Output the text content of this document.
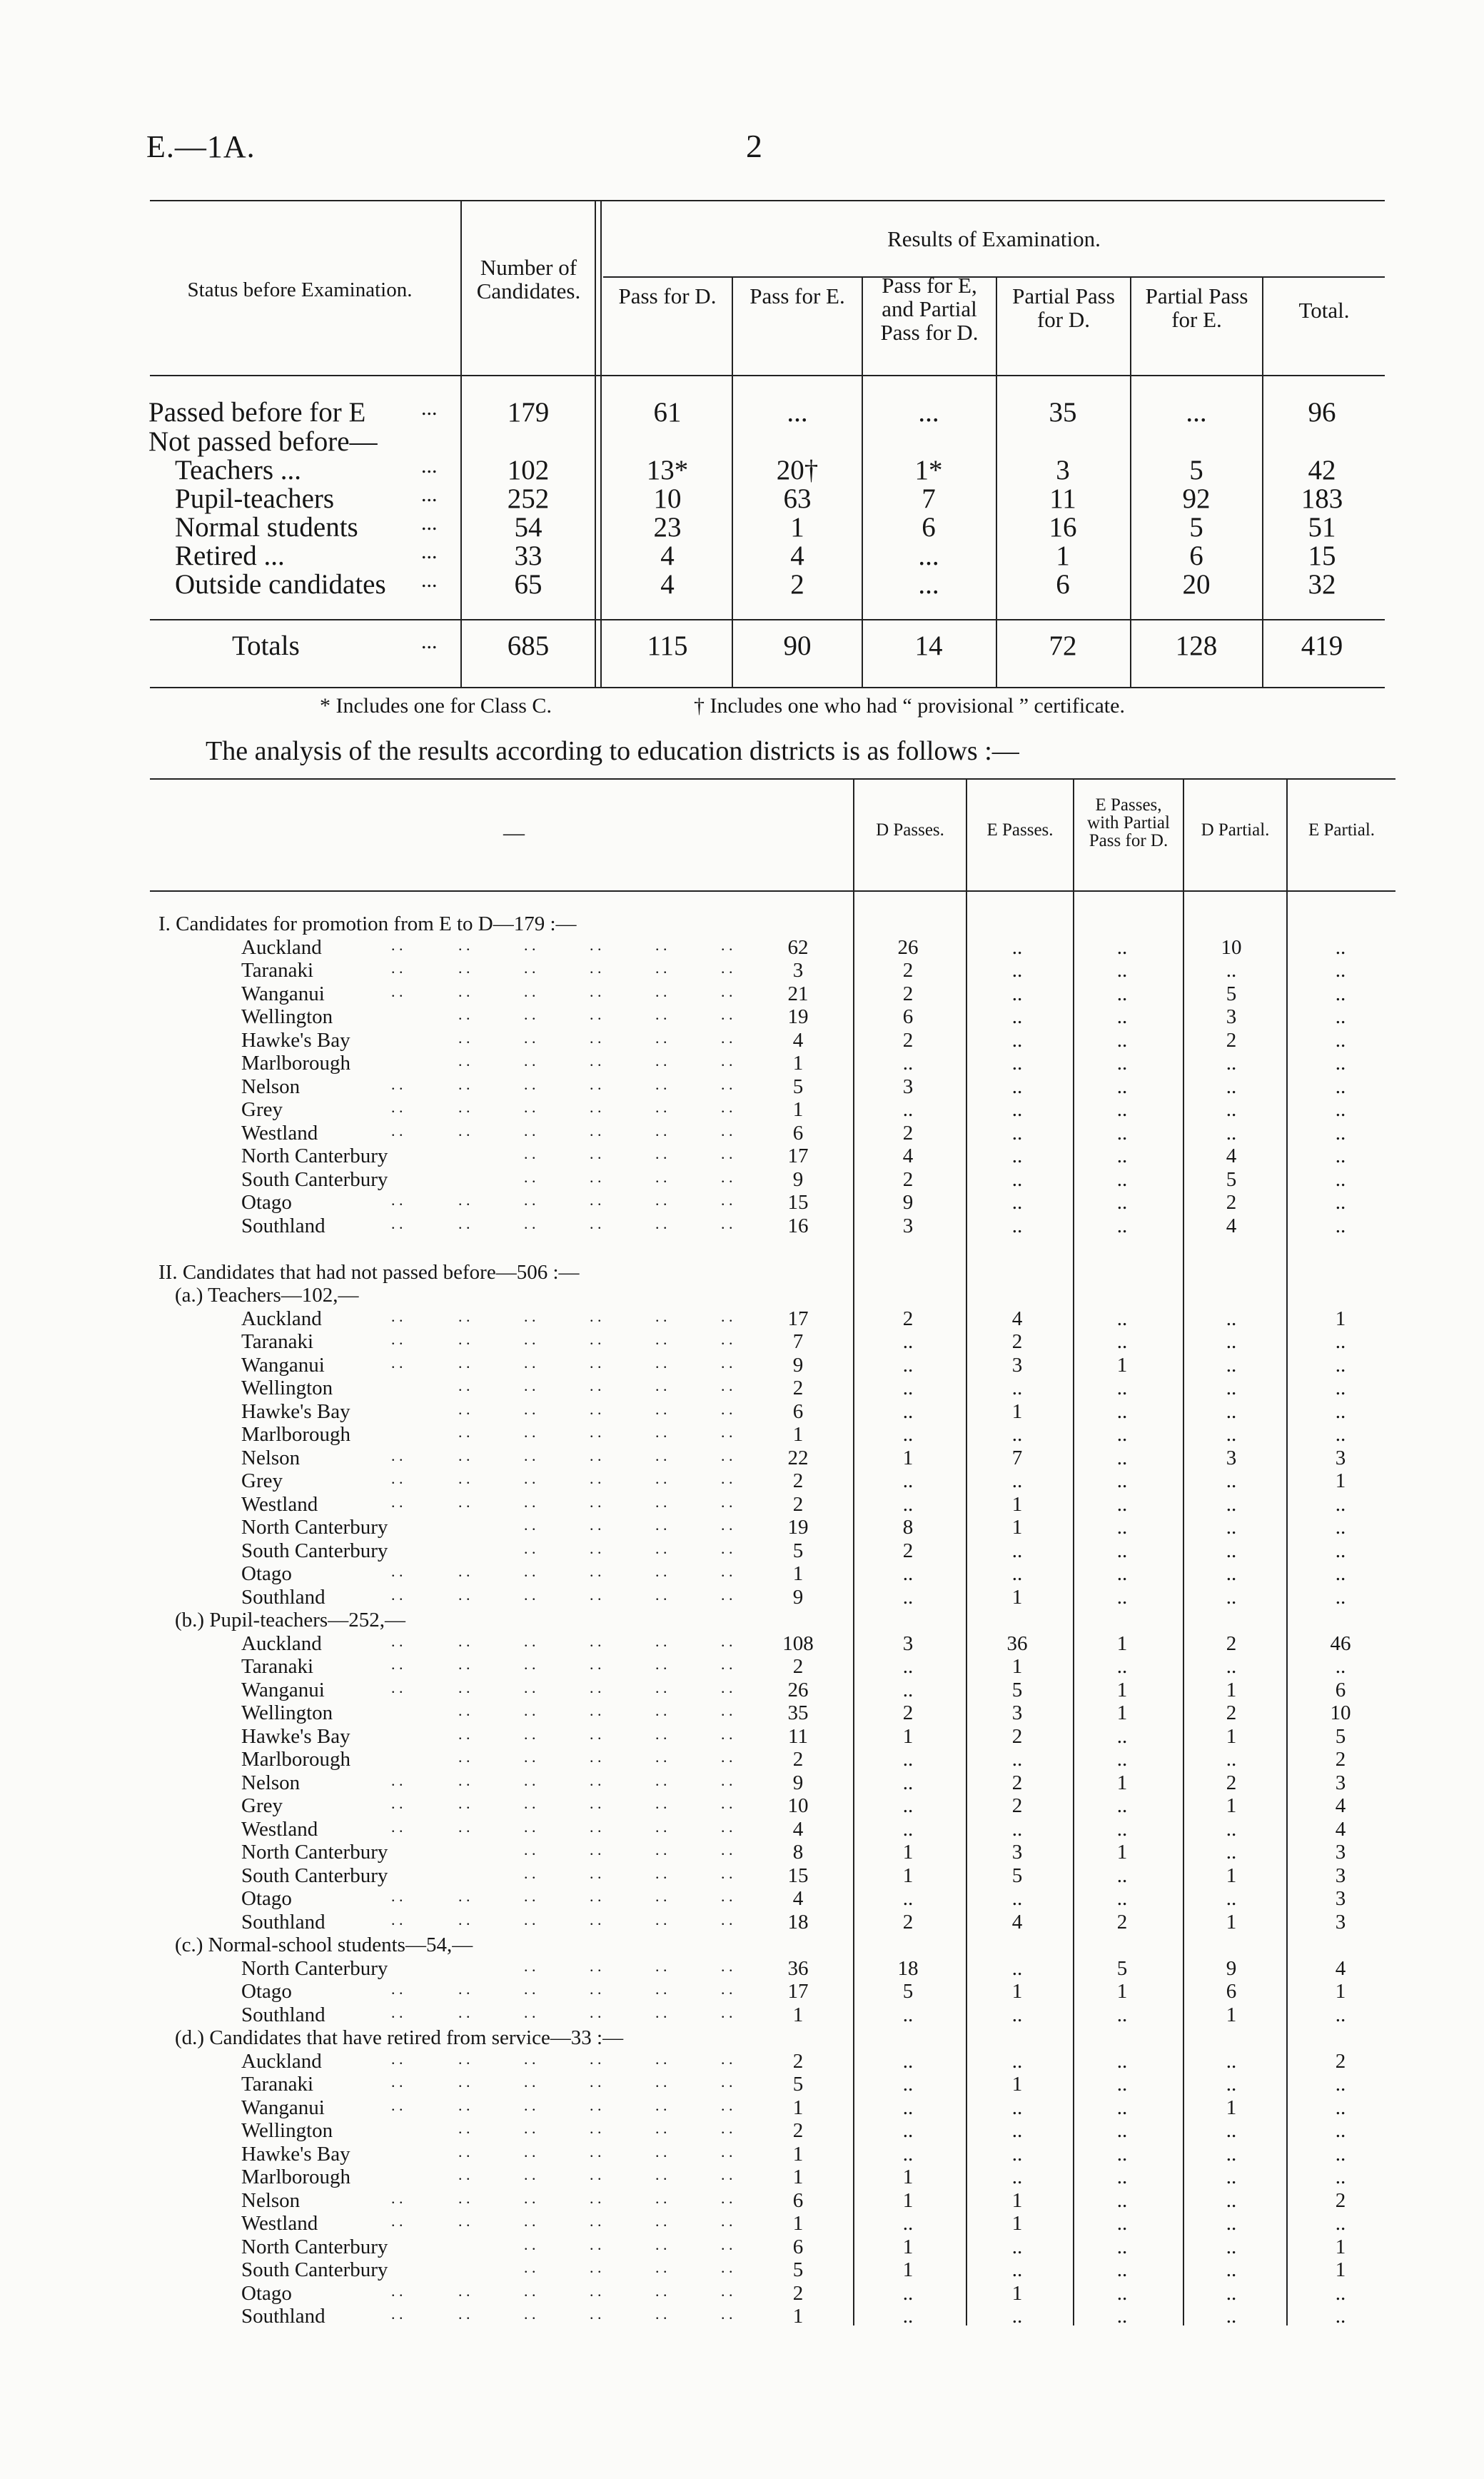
E.—1A.	2
Status before Examination.
Number of Candidates.
Results of Examination.
Pass for D.	Pass for E.	Pass for E, and Partial Pass for D.
Partial Pass for D.
Partial Pass for E.	Total.
Passed before for E	...	179	61	...	...	35	...	96
Not passed before—
Teachers ...	...	102	13*	20†	1*	3	5	42
Pupil-teachers	...	252	10	63	7	11	92	183
Normal students	...	54	23	1	6	16	5	51
Retired ...	...	33	4	4	...	1	6	15
Outside candidates ...	65	4	2	...	6	20	32
Totals	...	685	115	90	14	72	128	419
* Includes one for Class C.	† Includes one who had “ provisional ” certificate.
The analysis of the results according to education districts is as follows :—
—	D Passes.	E Passes.
E Passes, with Partial Pass for D.
D Partial.	E Partial.
I. Candidates for promotion from E to D—179 :—
Auckland	. .	. .	. .	. .	. .	. .	62	26	..	..	10	..
Taranaki	. .	. .	. .	. .	. .	. .	3	2	..	..	..	..
Wanganui	. .	. .	. .	. .	. .	. .	21	2	..	..	5	..
Wellington	. .	. .	. .	. .	. .	19	6	..	..	3	..
Hawke's Bay	. .	. .	. .	. .	. .	4	2	..	..	2	..
Marlborough	. .	. .	. .	. .	. .	1	..	..	..	..	..
Nelson	. .	. .	. .	. .	. .	. .	5	3	..	..	..	..
Grey	. .	. .	. .	. .	. .	. .	1	..	..	..	..	..
Westland	. .	. .	. .	. .	. .	. .	6	2	..	..	..	..
North Canterbury	. .	. .	. .	. .	17	4	..	..	4	..
South Canterbury	. .	. .	. .	. .	9	2	..	..	5	..
Otago	. .	. .	. .	. .	. .	. .	15	9	..	..	2	..
Southland	. .	. .	. .	. .	. .	. .	16	3	..	..	4	..
II. Candidates that had not passed before—506 :—
(a.) Teachers—102,—
Auckland	. .	. .	. .	. .	. .	. .	17	2	4	..	..	1
Taranaki	. .	. .	. .	. .	. .	. .	7	..	2	..	..	..
Wanganui	. .	. .	. .	. .	. .	. .	9	..	3	1	..	..
Wellington	. .	. .	. .	. .	. .	2	..	..	..	..	..
Hawke's Bay	. .	. .	. .	. .	. .	6	..	1	..	..	..
Marlborough	. .	. .	. .	. .	. .	1	..	..	..	..	..
Nelson	. .	. .	. .	. .	. .	. .	22	1	7	..	3	3
Grey	. .	. .	. .	. .	. .	. .	2	..	..	..	..	1
Westland	. .	. .	. .	. .	. .	. .	2	..	1	..	..	..
North Canterbury	. .	. .	. .	. .	19	8	1	..	..	..
South Canterbury	. .	. .	. .	. .	5	2	..	..	..	..
Otago	. .	. .	. .	. .	. .	. .	1	..	..	..	..	..
Southland	. .	. .	. .	. .	. .	. .	9	..	1	..	..	..
(b.) Pupil-teachers—252,—
Auckland	. .	. .	. .	. .	. .	. .	108	3	36	1	2	46
Taranaki	. .	. .	. .	. .	. .	. .	2	..	1	..	..	..
Wanganui	. .	. .	. .	. .	. .	. .	26	..	5	1	1	6
Wellington	. .	. .	. .	. .	. .	35	2	3	1	2	10
Hawke's Bay	. .	. .	. .	. .	. .	11	1	2	..	1	5
Marlborough	. .	. .	. .	. .	. .	2	..	..	..	..	2
Nelson	. .	. .	. .	. .	. .	. .	9	..	2	1	2	3
Grey	. .	. .	. .	. .	. .	. .	10	..	2	..	1	4
Westland	. .	. .	. .	. .	. .	. .	4	..	..	..	..	4
North Canterbury	. .	. .	. .	. .	8	1	3	1	..	3
South Canterbury	. .	. .	. .	. .	15	1	5	..	1	3
Otago	. .	. .	. .	. .	. .	. .	4	..	..	..	..	3
Southland	. .	. .	. .	. .	. .	. .	18	2	4	2	1	3
(c.) Normal-school students—54,—
North Canterbury	. .	. .	. .	. .	36	18	..	5	9	4
Otago	. .	. .	. .	. .	. .	. .	17	5	1	1	6	1
Southland	. .	. .	. .	. .	. .	. .	1	..	..	..	1	..
(d.) Candidates that have retired from service—33 :—
Auckland	. .	. .	. .	. .	. .	. .	2	..	..	..	..	2
Taranaki	. .	. .	. .	. .	. .	. .	5	..	1	..	..	..
Wanganui	. .	. .	. .	. .	. .	. .	1	..	..	..	1	..
Wellington	. .	. .	. .	. .	. .	2	..	..	..	..	..
Hawke's Bay	. .	. .	. .	. .	. .	1	..	..	..	..	..
Marlborough	. .	. .	. .	. .	. .	1	1	..	..	..	..
Nelson	. .	. .	. .	. .	. .	. .	6	1	1	..	..	2
Westland	. .	. .	. .	. .	. .	. .	1	..	1	..	..	..
North Canterbury	. .	. .	. .	. .	6	1	..	..	..	1
South Canterbury	. .	. .	. .	. .	5	1	..	..	..	1
Otago	. .	. .	. .	. .	. .	. .	2	..	1	..	..	..
Southland	. .	. .	. .	. .	. .	. .	1	..	..	..	..	..
